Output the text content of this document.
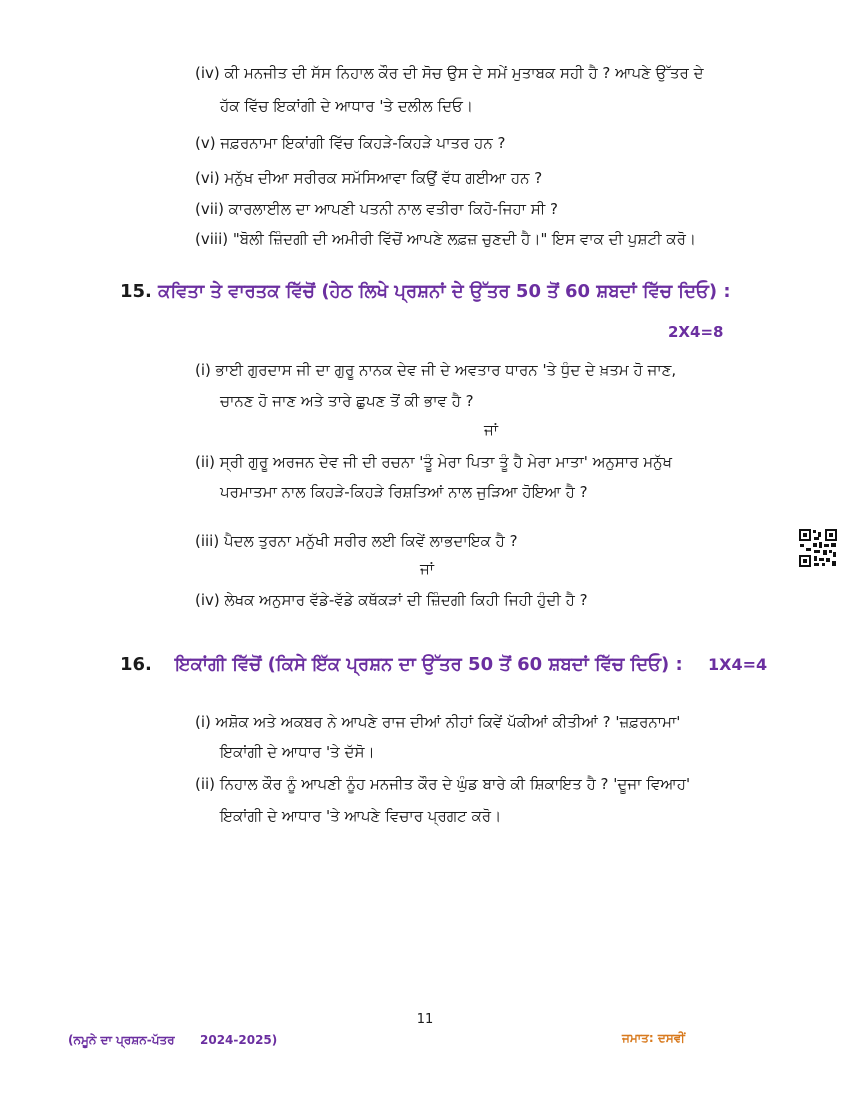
(iv) ਕੀ ਮਨਜੀਤ ਦੀ ਸੱਸ ਨਿਹਾਲ ਕੌਰ ਦੀ ਸੋਚ ਉਸ ਦੇ ਸਮੇਂ ਮੁਤਾਬਕ ਸਹੀ ਹੈ ? ਆਪਣੇ ਉੱਤਰ ਦੇ
ਹੱਕ ਵਿੱਚ ਇਕਾਂਗੀ ਦੇ ਆਧਾਰ 'ਤੇ ਦਲੀਲ ਦਿਓ।
(v) ਜਫ਼ਰਨਾਮਾ ਇਕਾਂਗੀ ਵਿੱਚ ਕਿਹੜੇ-ਕਿਹੜੇ ਪਾਤਰ ਹਨ ?
(vi) ਮਨੁੱਖ ਦੀਆ ਸਰੀਰਕ ਸਮੱਸਿਆਵਾ ਕਿਉਂ ਵੱਧ ਗਈਆ ਹਨ ?
(vii) ਕਾਰਲਾਈਲ ਦਾ ਆਪਣੀ ਪਤਨੀ ਨਾਲ ਵਤੀਰਾ ਕਿਹੋ-ਜਿਹਾ ਸੀ ?
(viii) "ਬੋਲੀ ਜ਼ਿੰਦਗੀ ਦੀ ਅਮੀਰੀ ਵਿੱਚੋਂ ਆਪਣੇ ਲਫ਼ਜ਼ ਚੁਣਦੀ ਹੈ।" ਇਸ ਵਾਕ ਦੀ ਪੁਸ਼ਟੀ ਕਰੋ।
15. ਕਵਿਤਾ ਤੇ ਵਾਰਤਕ ਵਿੱਚੋਂ (ਹੇਠ ਲਿਖੇ ਪ੍ਰਸ਼ਨਾਂ ਦੇ ਉੱਤਰ 50 ਤੋਂ 60 ਸ਼ਬਦਾਂ ਵਿੱਚ ਦਿਓ) :
2X4=8
(i) ਭਾਈ ਗੁਰਦਾਸ ਜੀ ਦਾ ਗੁਰੂ ਨਾਨਕ ਦੇਵ ਜੀ ਦੇ ਅਵਤਾਰ ਧਾਰਨ 'ਤੇ ਧੁੰਦ ਦੇ ਖ਼ਤਮ ਹੋ ਜਾਣ,
ਚਾਨਣ ਹੋ ਜਾਣ ਅਤੇ ਤਾਰੇ ਛੁਪਣ ਤੋਂ ਕੀ ਭਾਵ ਹੈ ?
ਜਾਂ
(ii) ਸ੍ਰੀ ਗੁਰੂ ਅਰਜਨ ਦੇਵ ਜੀ ਦੀ ਰਚਨਾ 'ਤੂੰ ਮੇਰਾ ਪਿਤਾ ਤੂੰ ਹੈ ਮੇਰਾ ਮਾਤਾ' ਅਨੁਸਾਰ ਮਨੁੱਖ
ਪਰਮਾਤਮਾ ਨਾਲ ਕਿਹੜੇ-ਕਿਹੜੇ ਰਿਸ਼ਤਿਆਂ ਨਾਲ ਜੁੜਿਆ ਹੋਇਆ ਹੈ ?
(iii) ਪੈਦਲ ਤੁਰਨਾ ਮਨੁੱਖੀ ਸਰੀਰ ਲਈ ਕਿਵੇਂ ਲਾਭਦਾਇਕ ਹੈ ?
ਜਾਂ
(iv) ਲੇਖਕ ਅਨੁਸਾਰ ਵੱਡੇ-ਵੱਡੇ ਕਥੱਕੜਾਂ ਦੀ ਜ਼ਿੰਦਗੀ ਕਿਹੀ ਜਿਹੀ ਹੁੰਦੀ ਹੈ ?
16. ਇਕਾਂਗੀ ਵਿੱਚੋਂ (ਕਿਸੇ ਇੱਕ ਪ੍ਰਸ਼ਨ ਦਾ ਉੱਤਰ 50 ਤੋਂ 60 ਸ਼ਬਦਾਂ ਵਿੱਚ ਦਿਓ) : 1X4=4
(i) ਅਸ਼ੋਕ ਅਤੇ ਅਕਬਰ ਨੇ ਆਪਣੇ ਰਾਜ ਦੀਆਂ ਨੀਹਾਂ ਕਿਵੇਂ ਪੱਕੀਆਂ ਕੀਤੀਆਂ ? 'ਜ਼ਫ਼ਰਨਾਮਾ'
ਇਕਾਂਗੀ ਦੇ ਆਧਾਰ 'ਤੇ ਦੱਸੋ।
(ii) ਨਿਹਾਲ ਕੌਰ ਨੂੰ ਆਪਣੀ ਨੂੰਹ ਮਨਜੀਤ ਕੌਰ ਦੇ ਘੁੰਡ ਬਾਰੇ ਕੀ ਸ਼ਿਕਾਇਤ ਹੈ ? 'ਦੂਜਾ ਵਿਆਹ'
ਇਕਾਂਗੀ ਦੇ ਆਧਾਰ 'ਤੇ ਆਪਣੇ ਵਿਚਾਰ ਪ੍ਰਗਟ ਕਰੋ।
11
(ਨਮੂਨੇ ਦਾ ਪ੍ਰਸ਼ਨ-ਪੱਤਰ 2024-2025)	ਜਮਾਤ: ਦਸਵੀਂ
